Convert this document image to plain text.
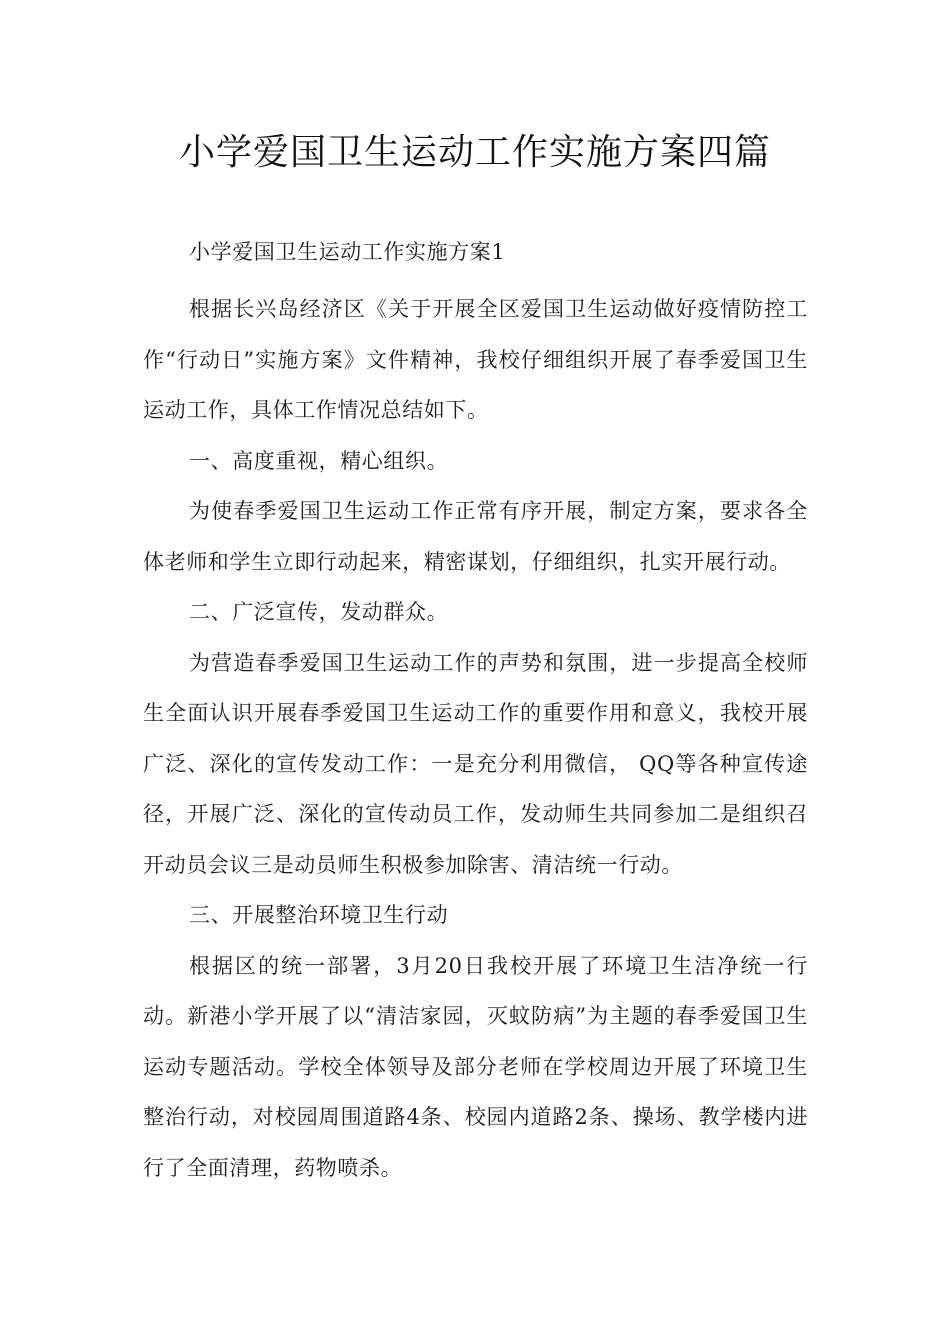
小学爱国卫生运动工作实施方案四篇

小学爱国卫生运动工作实施方案1

根据长兴岛经济区《关于开展全区爱国卫生运动做好疫情防控工作“行动日”实施方案》文件精神，我校仔细组织开展了春季爱国卫生运动工作，具体工作情况总结如下。

一、高度重视，精心组织。

为使春季爱国卫生运动工作正常有序开展，制定方案，要求各全体老师和学生立即行动起来，精密谋划，仔细组织，扎实开展行动。

二、广泛宣传，发动群众。

为营造春季爱国卫生运动工作的声势和氛围，进一步提高全校师生全面认识开展春季爱国卫生运动工作的重要作用和意义，我校开展广泛、深化的宣传发动工作：一是充分利用微信， QQ等各种宣传途径，开展广泛、深化的宣传动员工作，发动师生共同参加二是组织召开动员会议三是动员师生积极参加除害、清洁统一行动。

三、开展整治环境卫生行动

根据区的统一部署，3月20日我校开展了环境卫生洁净统一行动。新港小学开展了以“清洁家园，灭蚊防病”为主题的春季爱国卫生运动专题活动。学校全体领导及部分老师在学校周边开展了环境卫生整治行动，对校园周围道路4条、校园内道路2条、操场、教学楼内进行了全面清理，药物喷杀。
